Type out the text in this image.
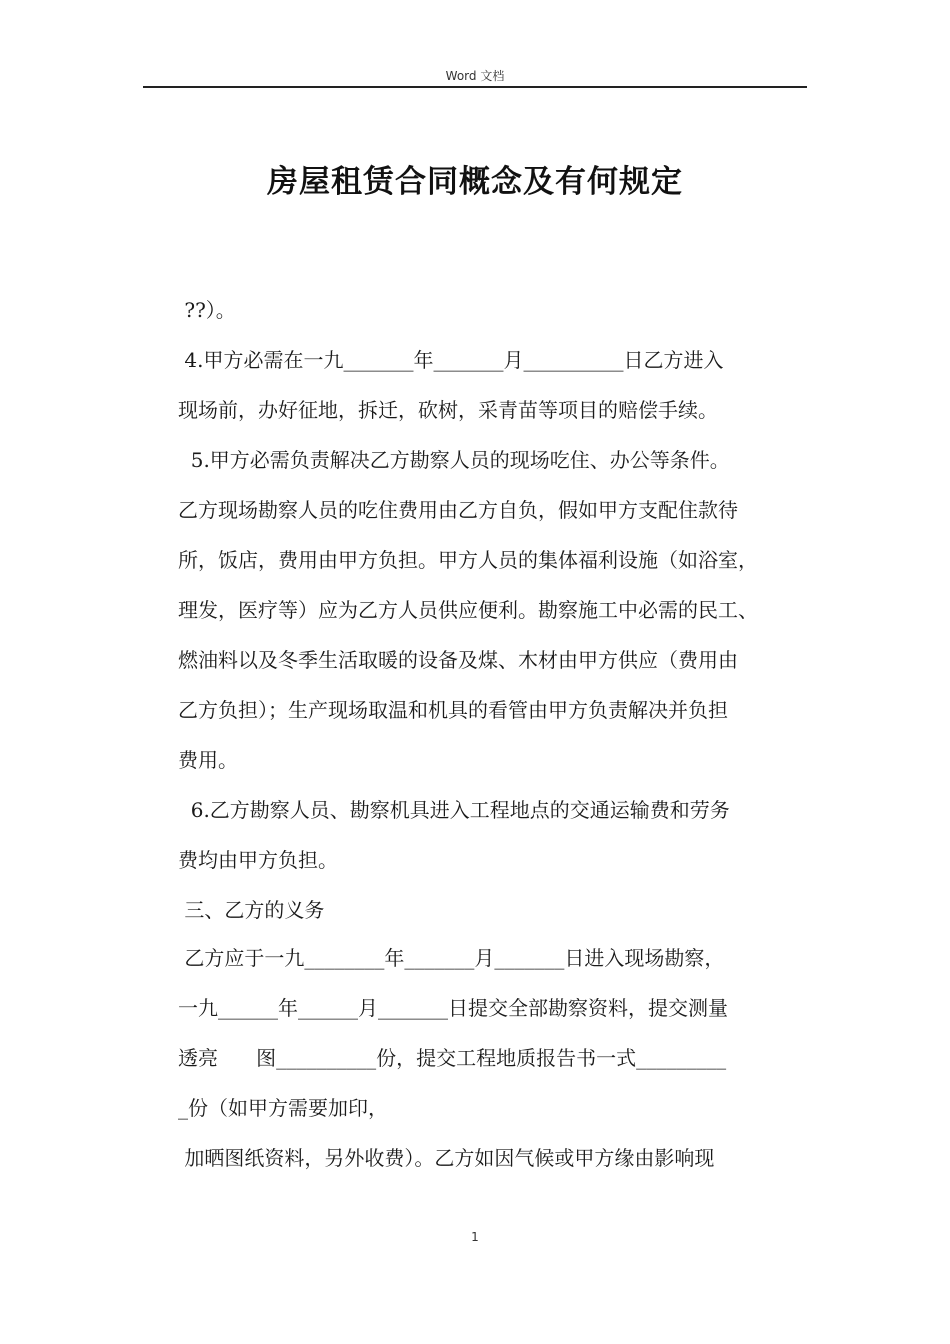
Word 文档
房屋租赁合同概念及有何规定
??）。
4.甲方必需在一九_______年_______月__________日乙方进入
现场前，办好征地，拆迁，砍树，采青苗等项目的赔偿手续。
5.甲方必需负责解决乙方勘察人员的现场吃住、办公等条件。
乙方现场勘察人员的吃住费用由乙方自负，假如甲方支配住款待
所，饭店，费用由甲方负担。甲方人员的集体福利设施（如浴室，
理发，医疗等）应为乙方人员供应便利。勘察施工中必需的民工、
燃油料以及冬季生活取暖的设备及煤、木材由甲方供应（费用由
乙方负担）；生产现场取温和机具的看管由甲方负责解决并负担
费用。
6.乙方勘察人员、勘察机具进入工程地点的交通运输费和劳务
费均由甲方负担。
三、乙方的义务
乙方应于一九________年_______月_______日进入现场勘察，
一九______年______月_______日提交全部勘察资料，提交测量
透亮      图__________份，提交工程地质报告书一式_________
_份（如甲方需要加印，
加晒图纸资料，另外收费）。乙方如因气候或甲方缘由影响现
1
